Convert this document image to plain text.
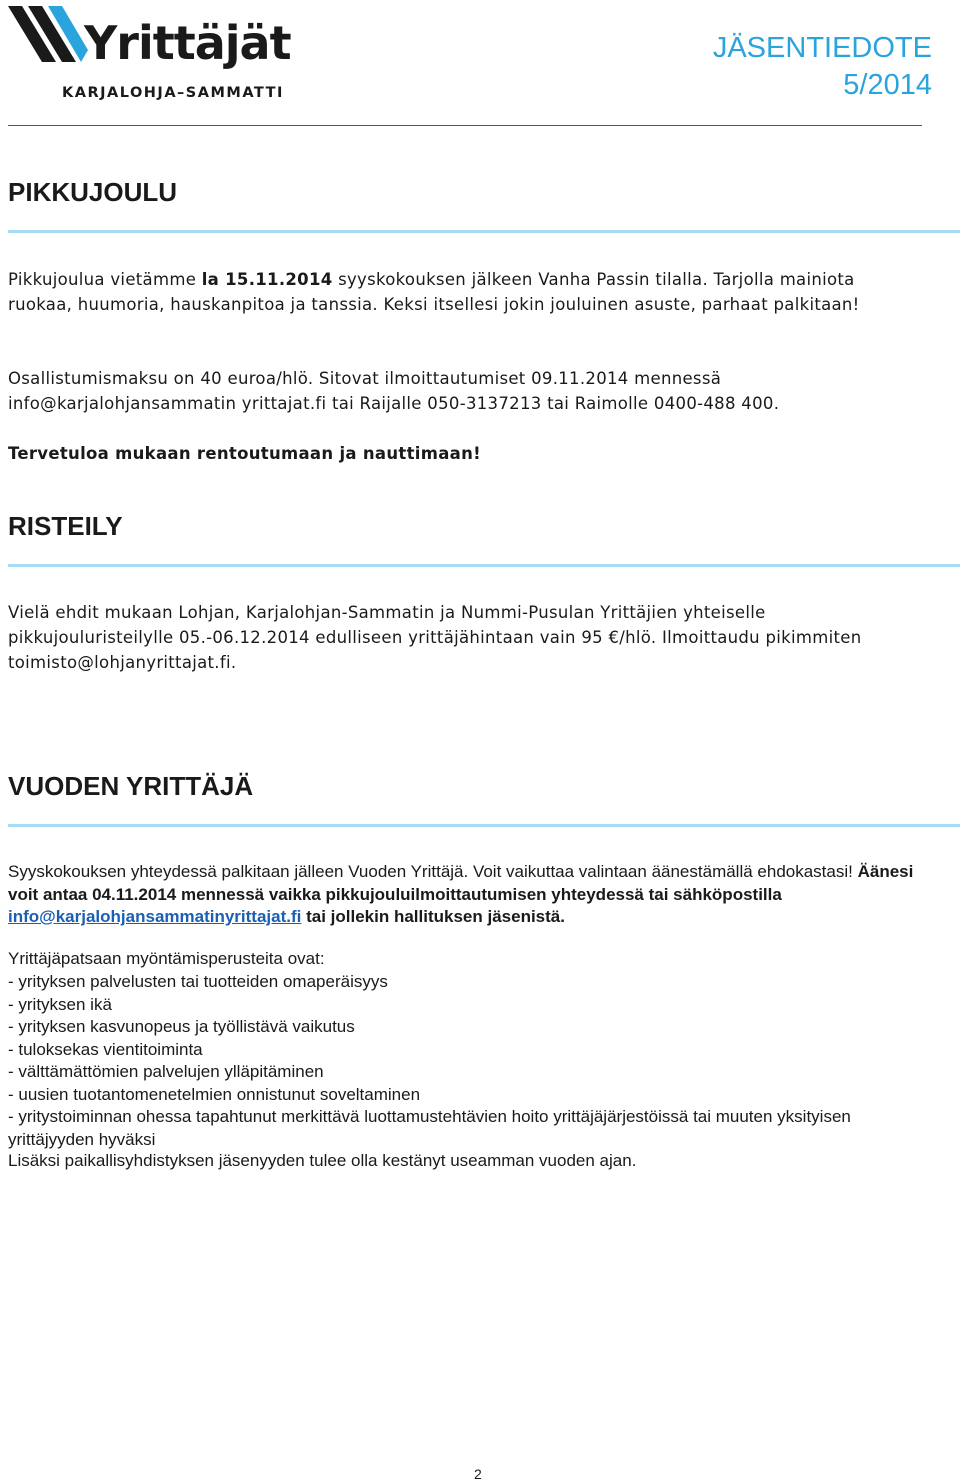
Yrittäjät
KARJALOHJA–SAMMATTI
JÄSENTIEDOTE
5/2014
PIKKUJOULU
Pikkujoulua vietämme la 15.11.2014 syyskokouksen jälkeen Vanha Passin tilalla. Tarjolla mainiota ruokaa, huumoria, hauskanpitoa ja tanssia. Keksi itsellesi jokin jouluinen asuste, parhaat palkitaan!
Osallistumismaksu on 40 euroa/hlö. Sitovat ilmoittautumiset 09.11.2014 mennessä info@karjalohjansammatin yrittajat.fi tai Raijalle 050-3137213 tai Raimolle 0400-488 400.
Tervetuloa mukaan rentoutumaan ja nauttimaan!
RISTEILY
Vielä ehdit mukaan Lohjan, Karjalohjan-Sammatin ja Nummi-Pusulan Yrittäjien yhteiselle pikkujouluristeilylle 05.-06.12.2014 edulliseen yrittäjähintaan vain 95 €/hlö. Ilmoittaudu pikimmiten toimisto@lohjanyrittajat.fi.
VUODEN YRITTÄJÄ
Syyskokouksen yhteydessä palkitaan jälleen Vuoden Yrittäjä. Voit vaikuttaa valintaan äänestämällä ehdokastasi! Äänesi voit antaa 04.11.2014 mennessä vaikka pikkujouluilmoittautumisen yhteydessä tai sähköpostilla info@karjalohjansammatinyrittajat.fi tai jollekin hallituksen jäsenistä.
Yrittäjäpatsaan myöntämisperusteita ovat:
- yrityksen palvelusten tai tuotteiden omaperäisyys
- yrityksen ikä
- yrityksen kasvunopeus ja työllistävä vaikutus
- tuloksekas vientitoiminta
- välttämättömien palvelujen ylläpitäminen
- uusien tuotantomenetelmien onnistunut soveltaminen
- yritystoiminnan ohessa tapahtunut merkittävä luottamustehtävien hoito yrittäjäjärjestöissä tai muuten yksityisen yrittäjyyden hyväksi
Lisäksi paikallisyhdistyksen jäsenyyden tulee olla kestänyt useamman vuoden ajan.
2
